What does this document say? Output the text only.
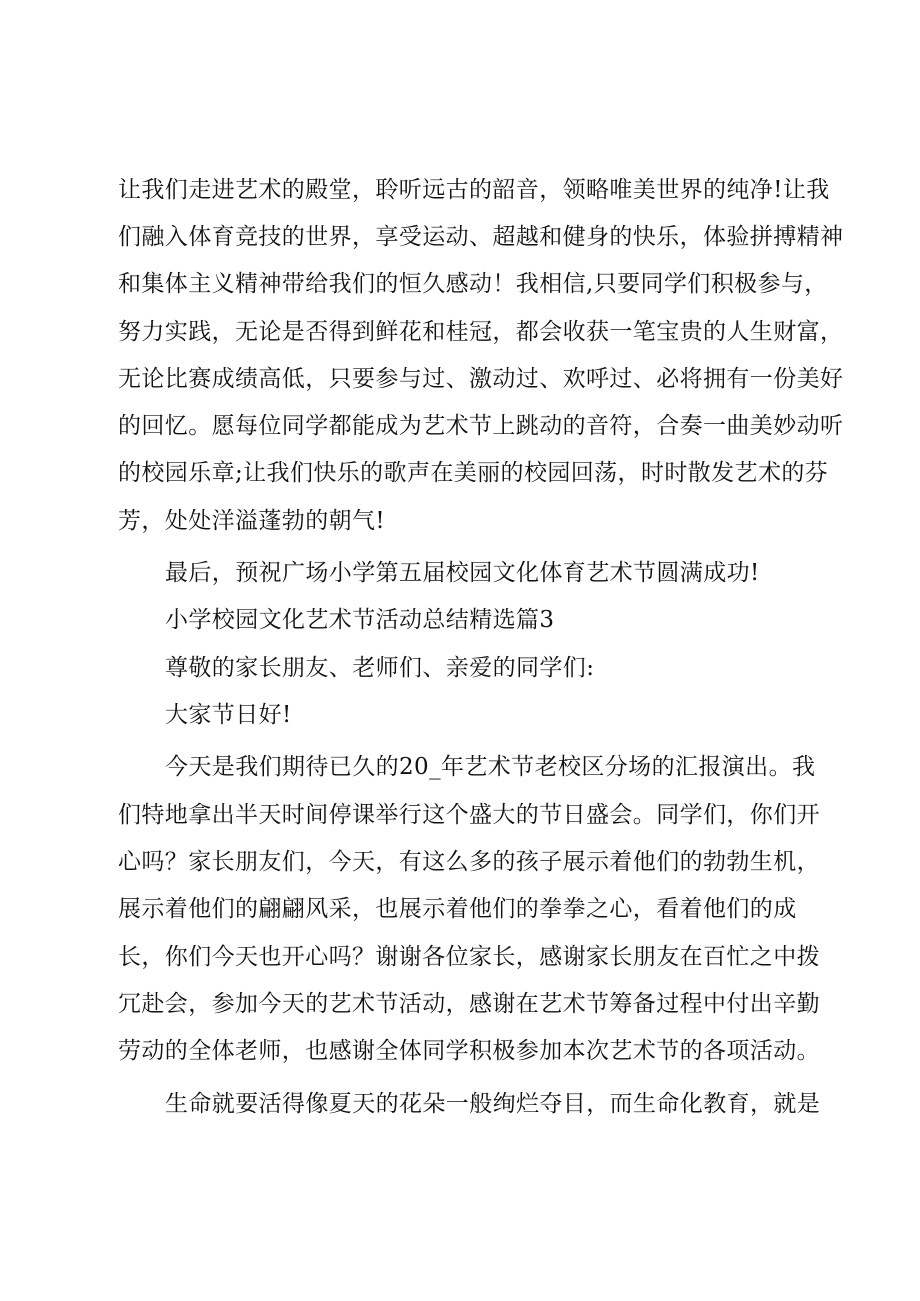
让我们走进艺术的殿堂，聆听远古的韶音，领略唯美世界的纯净!让我
们融入体育竞技的世界，享受运动、超越和健身的快乐，体验拼搏精神
和集体主义精神带给我们的恒久感动！我相信,只要同学们积极参与，
努力实践，无论是否得到鲜花和桂冠，都会收获一笔宝贵的人生财富，
无论比赛成绩高低，只要参与过、激动过、欢呼过、必将拥有一份美好
的回忆。愿每位同学都能成为艺术节上跳动的音符，合奏一曲美妙动听
的校园乐章;让我们快乐的歌声在美丽的校园回荡，时时散发艺术的芬
芳，处处洋溢蓬勃的朝气!
最后，预祝广场小学第五届校园文化体育艺术节圆满成功!
小学校园文化艺术节活动总结精选篇3
尊敬的家长朋友、老师们、亲爱的同学们:
大家节日好!
今天是我们期待已久的20_年艺术节老校区分场的汇报演出。我
们特地拿出半天时间停课举行这个盛大的节日盛会。同学们，你们开
心吗？家长朋友们，今天，有这么多的孩子展示着他们的勃勃生机，
展示着他们的翩翩风采，也展示着他们的拳拳之心，看着他们的成
长，你们今天也开心吗？谢谢各位家长，感谢家长朋友在百忙之中拨
冗赴会，参加今天的艺术节活动，感谢在艺术节筹备过程中付出辛勤
劳动的全体老师，也感谢全体同学积极参加本次艺术节的各项活动。
生命就要活得像夏天的花朵一般绚烂夺目，而生命化教育，就是
